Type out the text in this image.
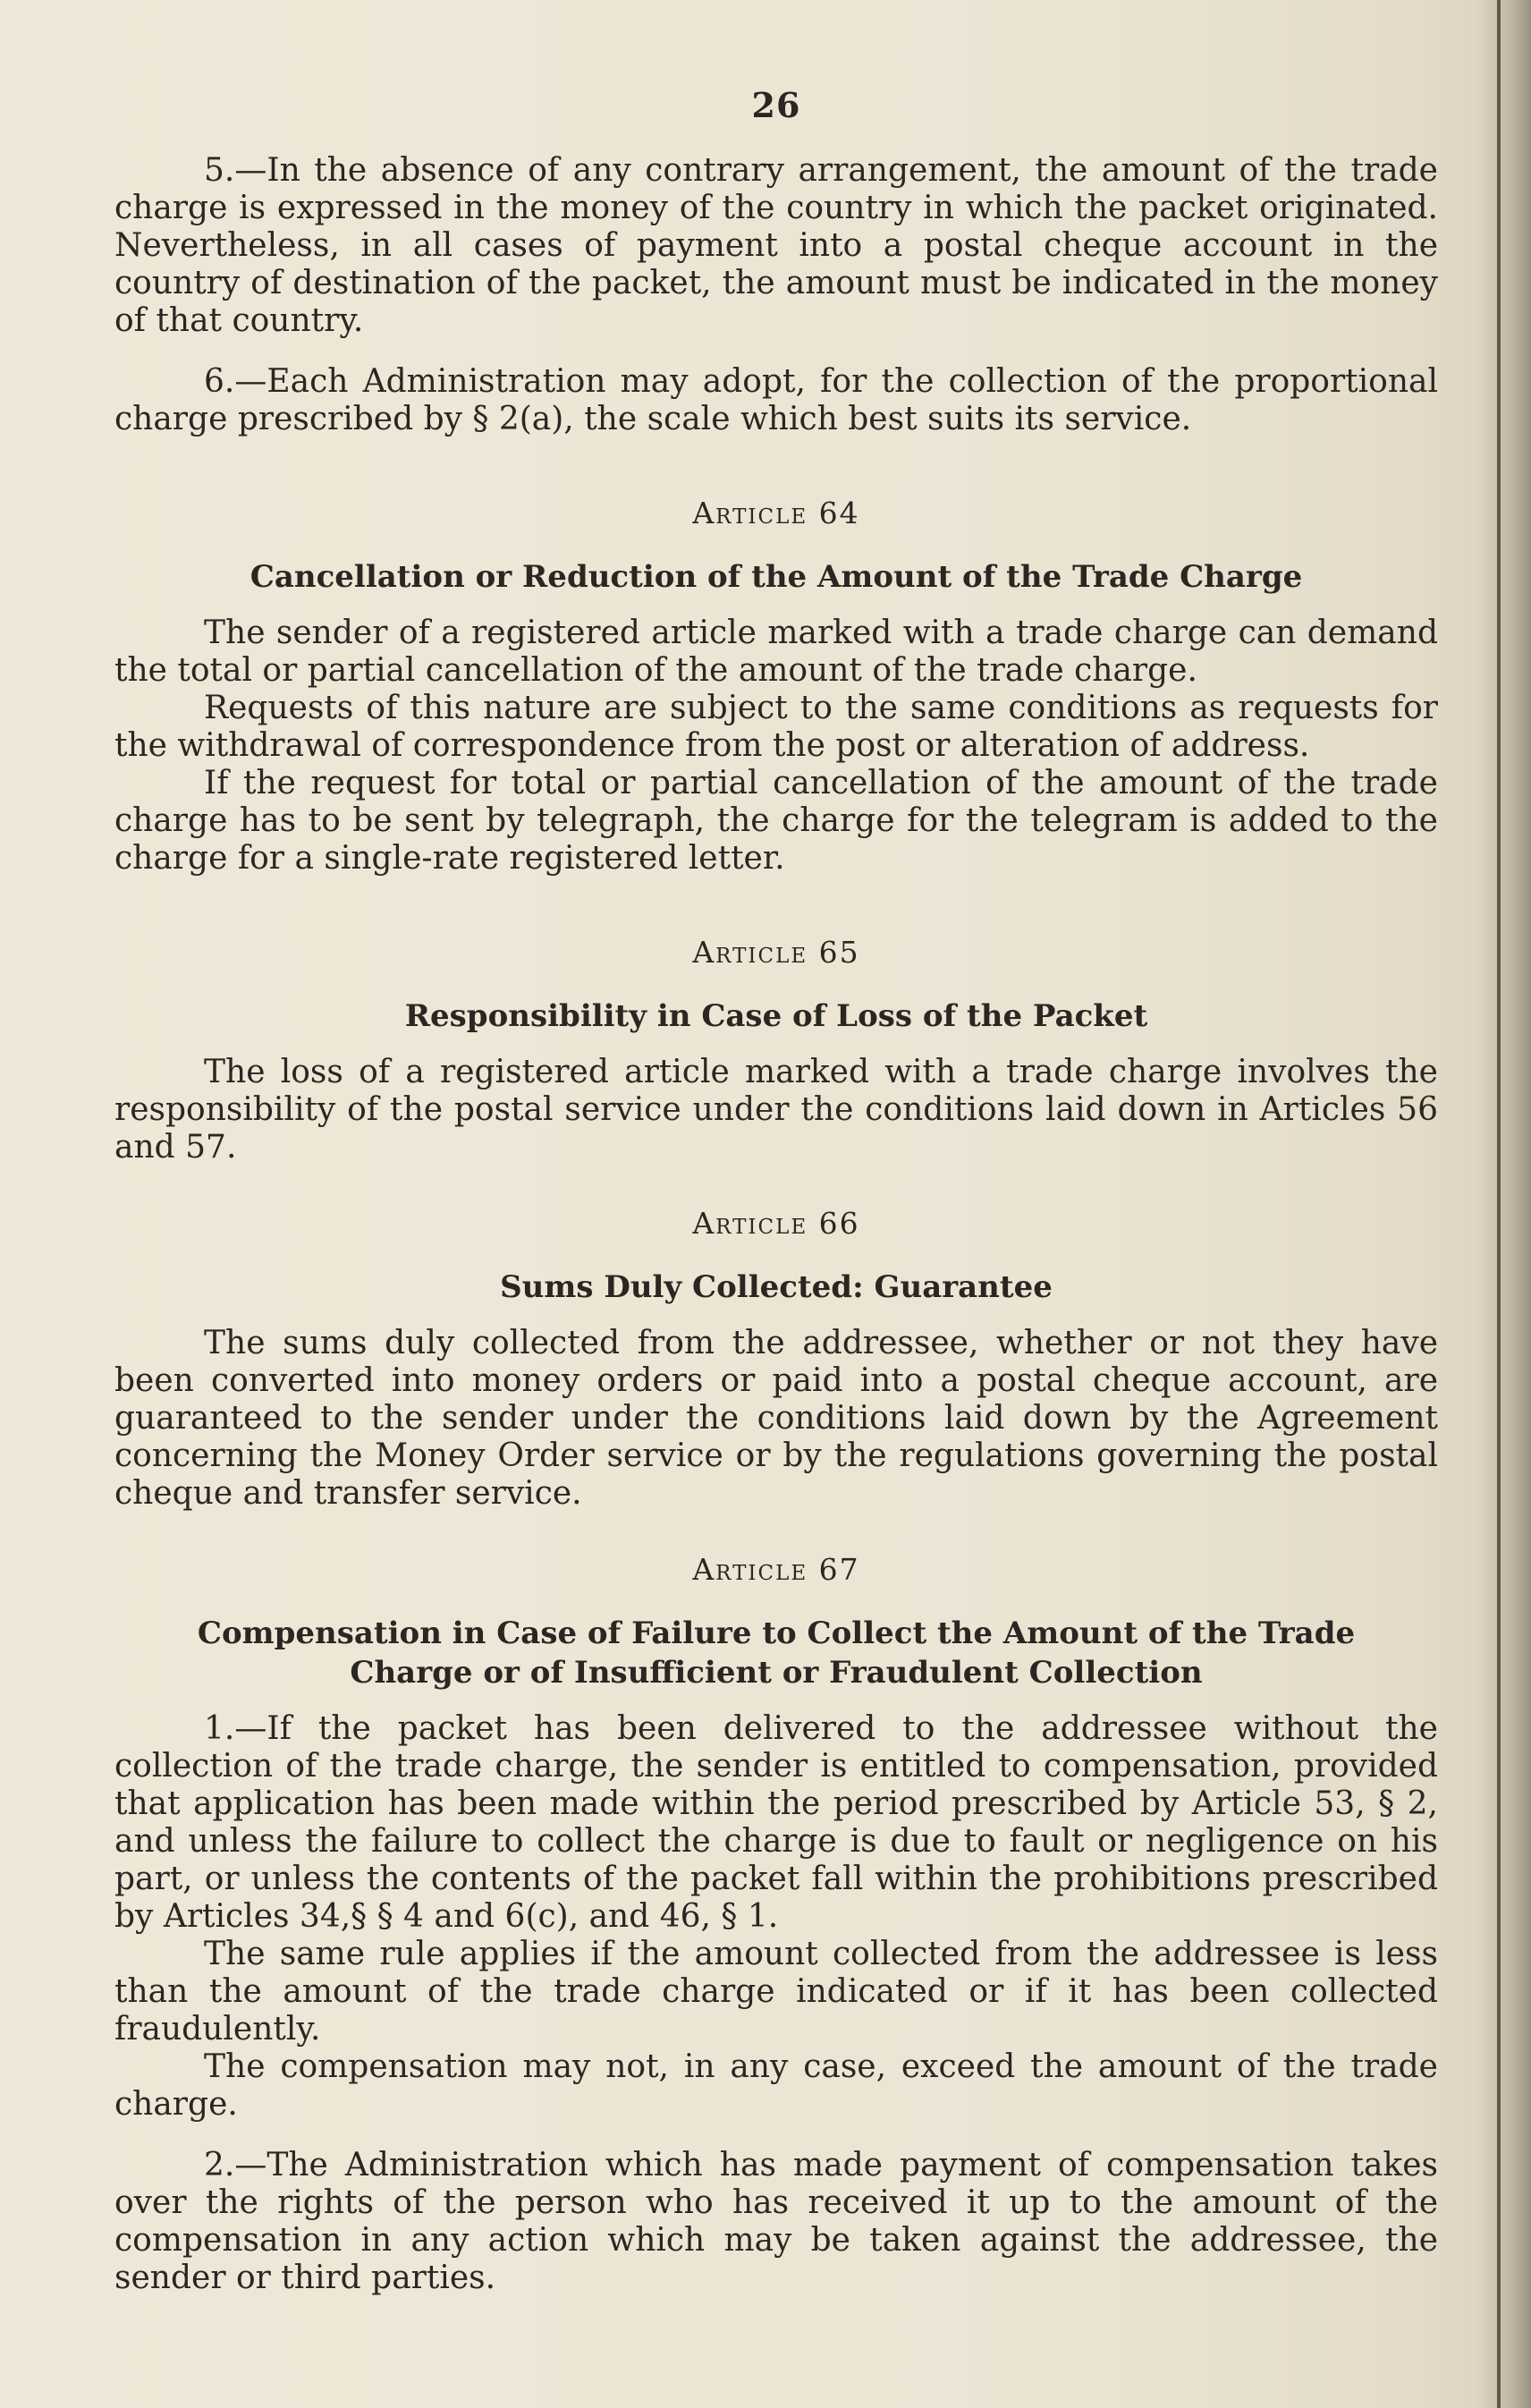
26

5.—In the absence of any contrary arrangement, the amount of the trade charge is expressed in the money of the country in which the packet originated. Nevertheless, in all cases of payment into a postal cheque account in the country of destination of the packet, the amount must be indicated in the money of that country.

6.—Each Administration may adopt, for the collection of the proportional charge prescribed by § 2(a), the scale which best suits its service.

Article 64
Cancellation or Reduction of the Amount of the Trade Charge

The sender of a registered article marked with a trade charge can demand the total or partial cancellation of the amount of the trade charge.

Requests of this nature are subject to the same conditions as requests for the withdrawal of correspondence from the post or alteration of address.

If the request for total or partial cancellation of the amount of the trade charge has to be sent by telegraph, the charge for the telegram is added to the charge for a single-rate registered letter.

Article 65
Responsibility in Case of Loss of the Packet

The loss of a registered article marked with a trade charge involves the responsibility of the postal service under the conditions laid down in Articles 56 and 57.

Article 66
Sums Duly Collected: Guarantee

The sums duly collected from the addressee, whether or not they have been converted into money orders or paid into a postal cheque account, are guaranteed to the sender under the conditions laid down by the Agreement concerning the Money Order service or by the regulations governing the postal cheque and transfer service.

Article 67
Compensation in Case of Failure to Collect the Amount of the Trade
Charge or of Insufficient or Fraudulent Collection

1.—If the packet has been delivered to the addressee without the collection of the trade charge, the sender is entitled to compensation, provided that application has been made within the period prescribed by Article 53, § 2, and unless the failure to collect the charge is due to fault or negligence on his part, or unless the contents of the packet fall within the prohibitions prescribed by Articles 34,§ § 4 and 6(c), and 46, § 1.

The same rule applies if the amount collected from the addressee is less than the amount of the trade charge indicated or if it has been collected fraudulently.

The compensation may not, in any case, exceed the amount of the trade charge.

2.—The Administration which has made payment of compensation takes over the rights of the person who has received it up to the amount of the compensation in any action which may be taken against the addressee, the sender or third parties.
